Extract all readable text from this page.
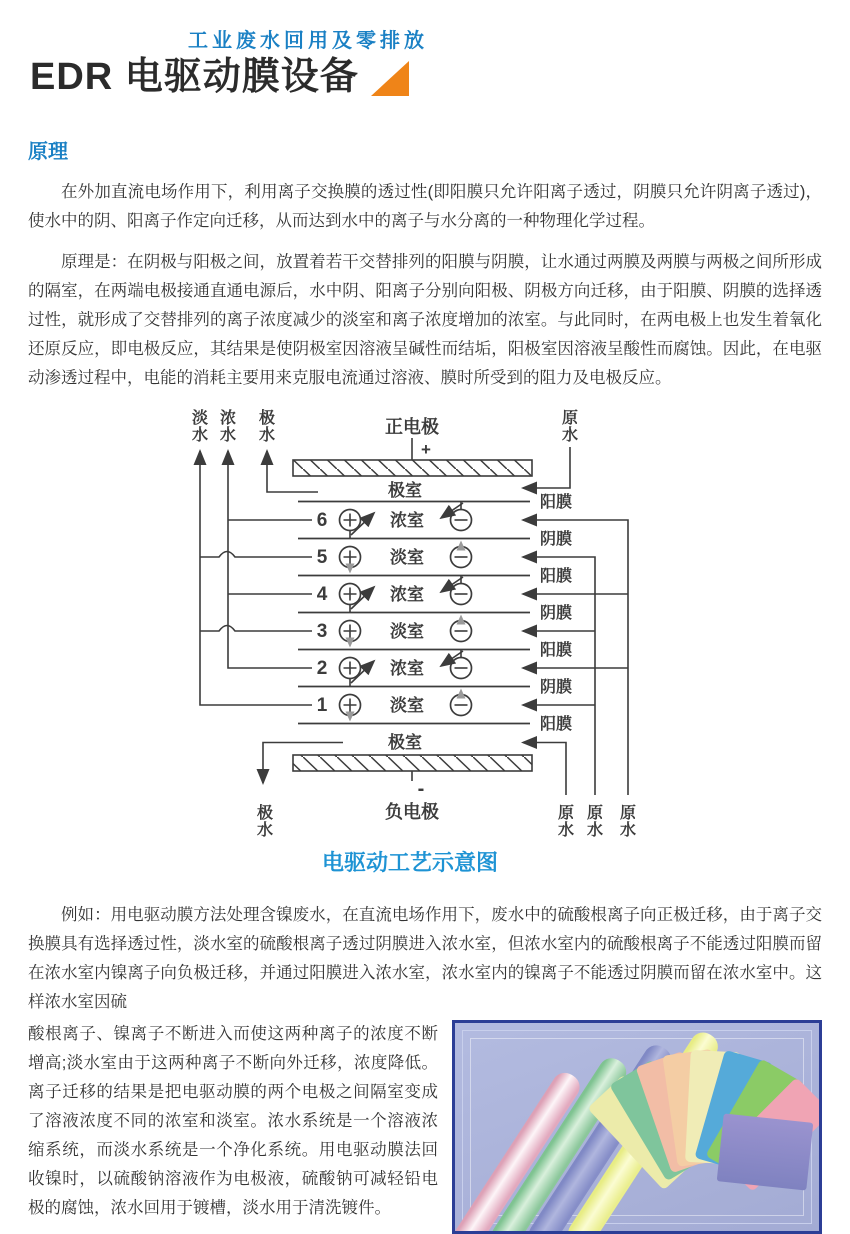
工业废水回用及零排放
EDR 电驱动膜设备
原理

在外加直流电场作用下，利用离子交换膜的透过性(即阳膜只允许阳离子透过，阴膜只允许阴离子透过)，使水中的阴、阳离子作定向迁移，从而达到水中的离子与水分离的一种物理化学过程。

原理是：在阴极与阳极之间，放置着若干交替排列的阳膜与阴膜，让水通过两膜及两膜与两极之间所形成的隔室，在两端电极接通直通电源后，水中阴、阳离子分别向阳极、阴极方向迁移，由于阳膜、阴膜的选择透过性，就形成了交替排列的离子浓度减少的淡室和离子浓度增加的浓室。与此同时，在两电极上也发生着氧化还原反应，即电极反应，其结果是使阴极室因溶液呈碱性而结垢，阳极室因溶液呈酸性而腐蚀。因此，在电驱动渗透过程中，电能的消耗主要用来克服电流通过溶液、膜时所受到的阻力及电极反应。

阳膜
阴膜
阳膜
阴膜
阳膜
阴膜
阳膜
正电极
+
极室
6	浓室
5	淡室
4	浓室
3	淡室
2	浓室
1	淡室
极室
-
负电极
淡水
浓水
极水
原水
极水
原水
原水
原水
电驱动工艺示意图

例如：用电驱动膜方法处理含镍废水，在直流电场作用下，废水中的硫酸根离子向正极迁移，由于离子交换膜具有选择透过性，淡水室的硫酸根离子透过阴膜进入浓水室，但浓水室内的硫酸根离子不能透过阳膜而留在浓水室内镍离子向负极迁移，并通过阳膜进入浓水室，浓水室内的镍离子不能透过阴膜而留在浓水室中。这样浓水室因硫

酸根离子、镍离子不断进入而使这两种离子的浓度不断增高;淡水室由于这两种离子不断向外迁移，浓度降低。离子迁移的结果是把电驱动膜的两个电极之间隔室变成了溶液浓度不同的浓室和淡室。浓水系统是一个溶液浓缩系统，而淡水系统是一个净化系统。用电驱动膜法回收镍时，以硫酸钠溶液作为电极液，硫酸钠可减轻铅电极的腐蚀，浓水回用于镀槽，淡水用于清洗镀件。
